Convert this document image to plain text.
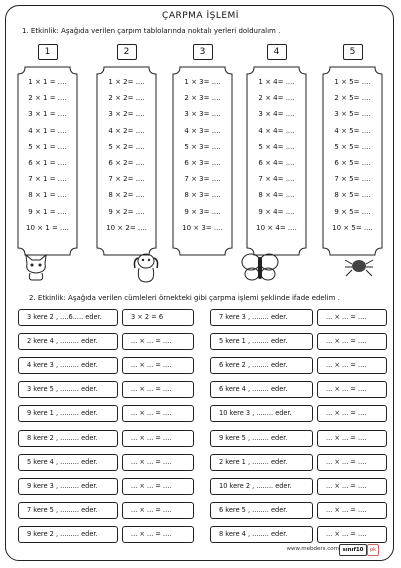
ÇARPMA İŞLEMİ
1. Etkinlik: Aşağıda verilen çarpım tablolarında noktalı yerleri dolduralım .
1
1 × 1 = ....
2 × 1 = ....
3 × 1 = ....
4 × 1 = ....
5 × 1 = ....
6 × 1 = ....
7 × 1 = ....
8 × 1 = ....
9 × 1 = ....
10 × 1 = ....
2
1 × 2= ....
2 × 2= ....
3 × 2= ....
4 × 2= ....
5 × 2= ....
6 × 2= ....
7 × 2= ....
8 × 2= ....
9 × 2= ....
10 × 2= ....
3
1 × 3= ....
2 × 3= ....
3 × 3= ....
4 × 3= ....
5 × 3= ....
6 × 3= ....
7 × 3= ....
8 × 3= ....
9 × 3= ....
10 × 3= ....
4
1 × 4= ....
2 × 4= ....
3 × 4= ....
4 × 4= ....
5 × 4= ....
6 × 4= ....
7 × 4= ....
8 × 4= ....
9 × 4= ....
10 × 4= ....
5
1 × 5= ....
2 × 5= ....
3 × 5= ....
4 × 5= ....
5 × 5= ....
6 × 5= ....
7 × 5= ....
8 × 5= ....
9 × 5= ....
10 × 5= ....
2. Etkinlik: Aşağıda verilen cümleleri örnekteki gibi çarpma işlemi şeklinde ifade edelim .
3 kere 2 , ....6..... eder.	3 × 2 = 6
2 kere 4 , ......... eder.	... × ... = ....
4 kere 3 , ......... eder.	... × ... = ....
3 kere 5 , ......... eder.	... × ... = ....
9 kere 1 , ......... eder.	... × ... = ....
8 kere 2 , ......... eder.	... × ... = ....
5 kere 4 , ......... eder.	... × ... = ....
9 kere 3 , ......... eder.	... × ... = ....
7 kere 5 , ......... eder.	... × ... = ....
9 kere 2 , ......... eder.	... × ... = ....
7 kere 3 , ........ eder.	... × ... = ....
5 kere 1 , ........ eder.	... × ... = ....
6 kere 2 , ........ eder.	... × ... = ....
6 kere 4 , ........ eder.	... × ... = ....
10 kere 3 , ........ eder.	... × ... = ....
9 kere 5 , ........ eder.	... × ... = ....
2 kere 1 , ........ eder.	... × ... = ....
10 kere 2 , ........ eder.	... × ... = ....
6 kere 5 , ........ eder.	... × ... = ....
8 kere 4 , ........ eder.	... × ... = ....
www.mebders.com sınıf10	pk
